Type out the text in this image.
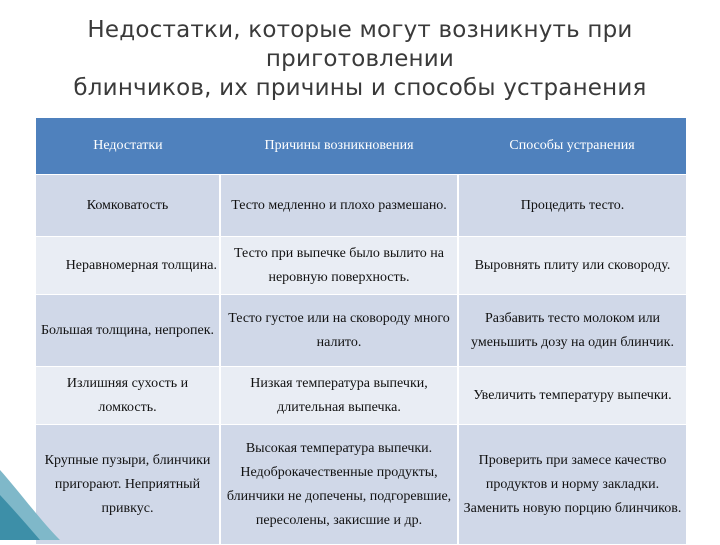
Недостатки, которые могут возникнуть при
приготовлении
блинчиков, их причины и способы устранения
Недостатки	Причины возникновения	Способы устранения
Комковатость	Тесто медленно и плохо размешано.	Процедить тесто.
Неравномерная толщина.	Тесто при выпечке было вылито на неровную поверхность.	Выровнять плиту или сковороду.
Большая толщина, непропек.	Тесто густое или на сковороду много налито.	Разбавить тесто молоком или уменьшить дозу на один блинчик.
Излишняя сухость и ломкость.	Низкая температура выпечки, длительная выпечка.	Увеличить температуру выпечки.
Крупные пузыри, блинчики пригорают. Неприятный привкус.	Высокая температура выпечки. Недоброкачественные продукты, блинчики не допечены, подгоревшие, пересолены, закисшие и др.	Проверить при замесе качество продуктов и норму закладки. Заменить новую порцию блинчиков.
